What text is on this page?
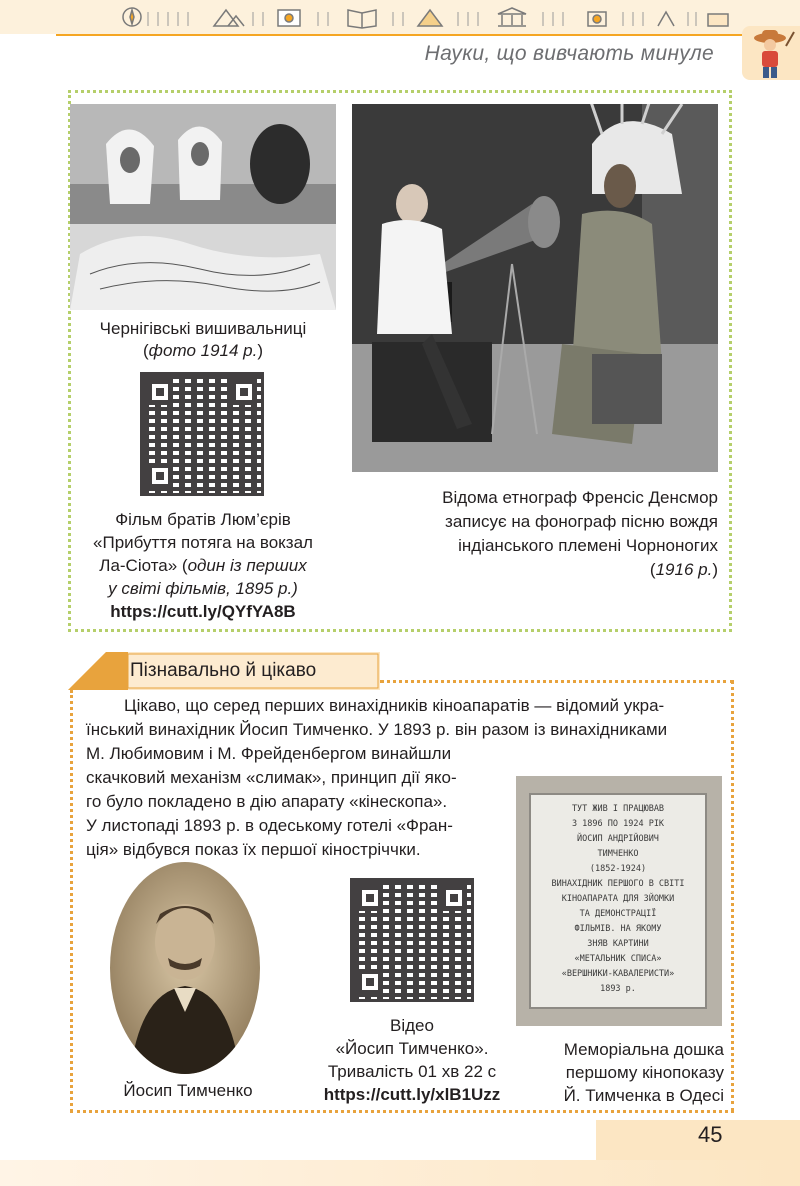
Науки, що вивчають минуле
Чернігівські вишивальниці
(фото 1914 р.)
Фільм братів Люм’єрів
«Прибуття потяга на вокзал
Ла-Сіота» (один із перших
у світі фільмів, 1895 р.)
https://cutt.ly/QYfYA8B
Відома етнограф Френсіс Денсмор
записує на фонограф пісню вождя
індіанського племені Чорноногих
(1916 р.)
Пізнавально й цікаво
Цікаво, що серед перших винахідників кіноапаратів — відомий укра-
їнський винахідник Йосип Тимченко. У 1893 р. він разом із винахідниками
М. Любимовим і М. Фрейденбергом винайшли
скачковий механізм «слимак», принцип дії яко-
го було покладено в дію апарату «кінескопа».
У листопаді 1893 р. в одеському готелі «Фран-
ція» відбувся показ їх першої кіностріччки.
ТУТ ЖИВ І ПРАЦЮВАВ
З 1896 ПО 1924 РІК
ЙОСИП АНДРІЙОВИЧ
ТИМЧЕНКО
(1852-1924)
ВИНАХІДНИК ПЕРШОГО В СВІТІ
КІНОАПАРАТА ДЛЯ ЗЙОМКИ
ТА ДЕМОНСТРАЦІЇ
ФІЛЬМІВ. НА ЯКОМУ
ЗНЯВ КАРТИНИ
«МЕТАЛЬНИК СПИСА»
«ВЕРШНИКИ-КАВАЛЕРИСТИ»
1893 р.
Йосип Тимченко
Відео
«Йосип Тимченко».
Тривалість 01 хв 22 с
https://cutt.ly/xlB1Uzz
Меморіальна дошка
першому кінопоказу
Й. Тимченка в Одесі
45
